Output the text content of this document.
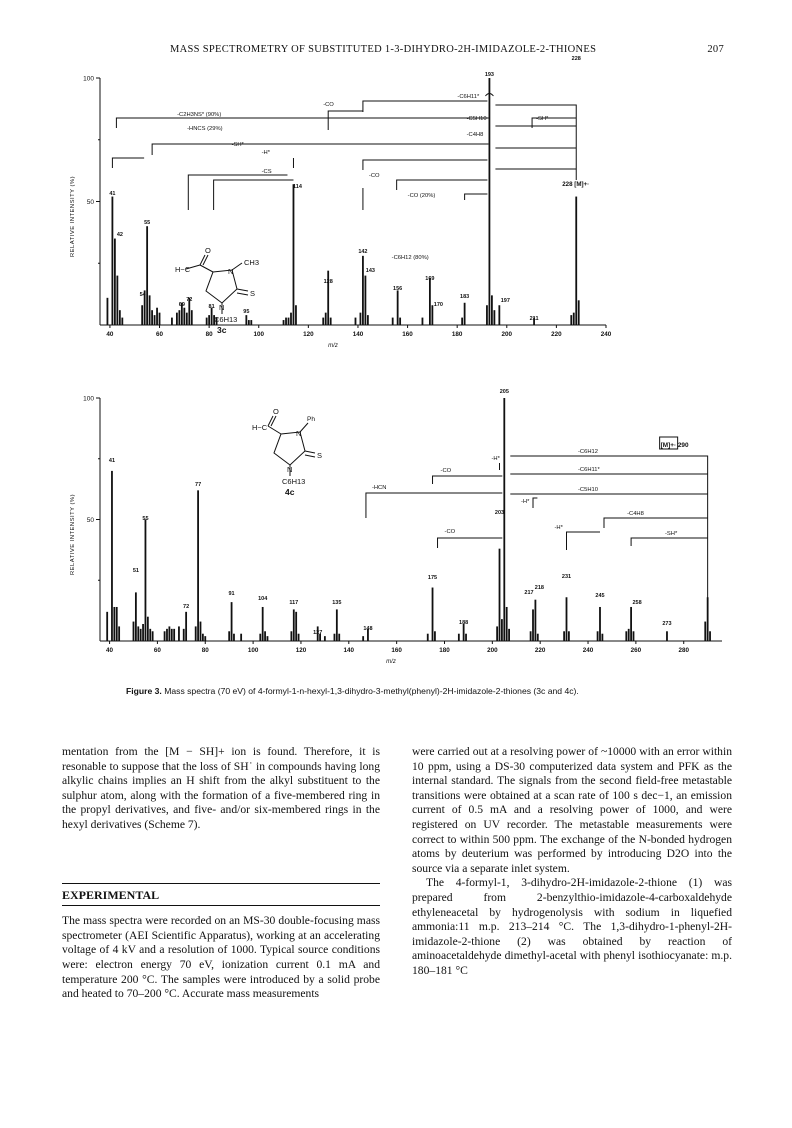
MASS SPECTROMETRY OF SUBSTITUTED 1-3-DIHYDRO-2H-IMIDAZOLE-2-THIONES	207
50
100
40	60	80	100	120	140	160	180	200	220	240
m/z
RELATIVE INTENSITY (%)	41
42
55
54
69
72
81
95
114
128
142
143
156
169
170
183
193
197
211
228
-C2H3NS* (90%)
-HNCS (29%)
-SH*
-H*
-CS
-CO
-CO
-CO (20%)
-C6H12 (80%)
-C6H11*
-C5H10
-C4H8
-SH*
228 [M]+·
H−C
O
CH3
N
S
N
C6H13
3c
50
100
40	60	80	100	120	140	160	180	200	220	240	260	280
m/z
RELATIVE INTENSITY (%)
41
51
55
72
77
91
104
117
127
135
148
175
188
203
205
217
218
231
245
258
273
-HCN
-CO
-CO
-H*
-H*
-H*
-C6H12
-C6H11*
-C5H10
-C4H8
-SH*
[M]+· 290
H−C
O
Ph
N
S
N
C6H13
4c
Figure 3. Mass spectra (70 eV) of 4-formyl-1-n-hexyl-1,3-dihydro-3-methyl(phenyl)-2H-imidazole-2-thiones (3c and 4c).

mentation from the [M − SH]+ ion is found. Therefore, it is resonable to suppose that the loss of SH˙ in compounds having long alkylic chains implies an H shift from the alkyl substituent to the sulphur atom, along with the formation of a five-membered ring in the propyl derivatives, and five- and/or six-membered rings in the hexyl derivatives (Scheme 7).

EXPERIMENTAL

The mass spectra were recorded on an MS-30 double-focusing mass spectrometer (AEI Scientific Apparatus), working at an accelerating voltage of 4 kV and a resolution of 1000. Typical source conditions were: electron energy 70 eV, ionization current 0.1 mA and temperature 200 °C. The samples were introduced by a solid probe and heated to 70–200 °C. Accurate mass measurements

were carried out at a resolving power of ~10000 with an error within 10 ppm, using a DS-30 computerized data system and PFK as the internal standard. The signals from the second field-free metastable transitions were obtained at a scan rate of 100 s dec−1, an emission current of 0.5 mA and a resolving power of 1000, and were registered on UV recorder. The metastable measurements were correct to within 500 ppm. The exchange of the N-bonded hydrogen atoms by deuterium was performed by introducing D2O into the source via a separate inlet system.

The 4-formyl-1, 3-dihydro-2H-imidazole-2-thione (1) was prepared from 2-benzylthio-imidazole-4-carboxaldehyde ethyleneacetal by hydrogenolysis with sodium in liquefied ammonia:11 m.p. 213–214 °C. The 1,3-dihydro-1-phenyl-2H-imidazole-2-thione (2) was obtained by reaction of aminoacetaldehyde dimethyl-acetal with phenyl isothiocyanate: m.p. 180–181 °C
